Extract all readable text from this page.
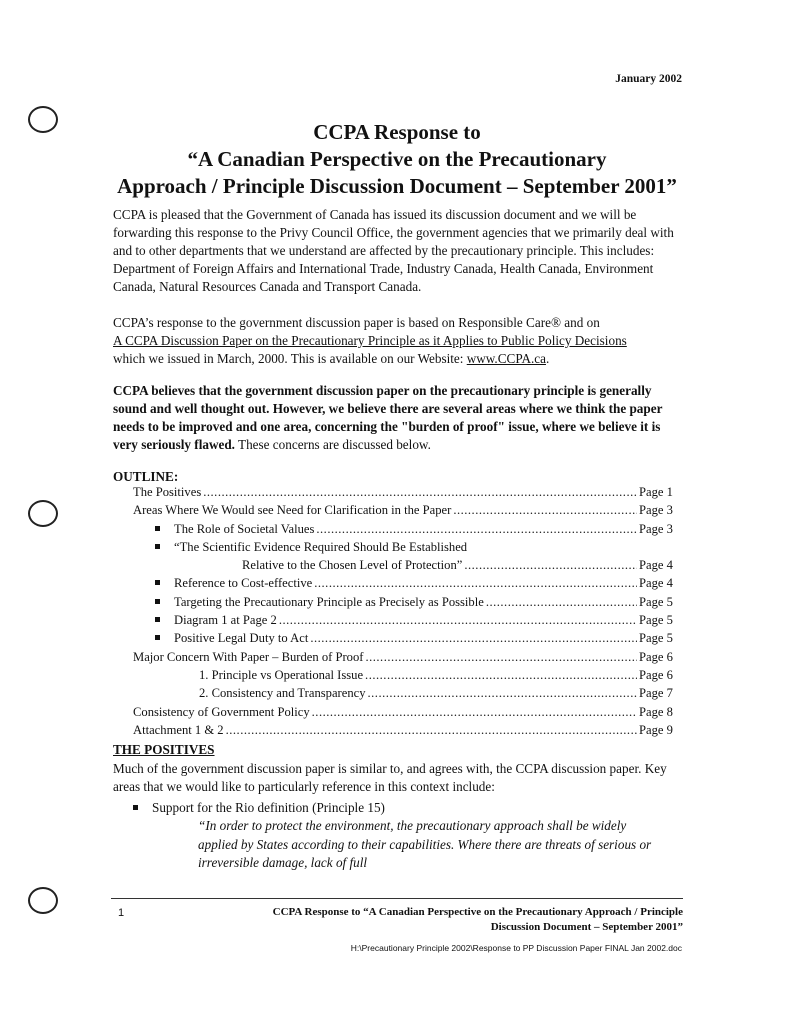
January 2002
CCPA Response to
“A Canadian Perspective on the Precautionary
Approach / Principle Discussion Document – September 2001”

CCPA is pleased that the Government of Canada has issued its discussion document and we will be forwarding this response to the Privy Council Office, the government agencies that we primarily deal with and to other departments that we understand are affected by the precautionary principle. This includes: Department of Foreign Affairs and International Trade, Industry Canada, Health Canada, Environment Canada, Natural Resources Canada and Transport Canada.

CCPA’s response to the government discussion paper is based on Responsible Care® and on
A CCPA Discussion Paper on the Precautionary Principle as it Applies to Public Policy Decisions
which we issued in March, 2000. This is available on our Website: www.CCPA.ca.

CCPA believes that the government discussion paper on the precautionary principle is generally sound and well thought out. However, we believe there are several areas where we think the paper needs to be improved and one area, concerning the "burden of proof" issue, where we believe it is very seriously flawed. These concerns are discussed below.

OUTLINE:
The Positives .....	Page 1
Areas Where We Would see Need for Clarification in the Paper .....	Page 3
The Role of Societal Values .....	Page 3
“The Scientific Evidence Required Should Be Established
Relative to the Chosen Level of Protection” .....	Page 4
Reference to Cost-effective .....	Page 4
Targeting the Precautionary Principle as Precisely as Possible .....	Page 5
Diagram 1 at Page 2 .....	Page 5
Positive Legal Duty to Act .....	Page 5
Major Concern With Paper – Burden of Proof .....	Page 6
1. Principle vs Operational Issue .....	Page 6
2. Consistency and Transparency .....	Page 7
Consistency of Government Policy .....	Page 8
Attachment 1 & 2 .....	Page 9
THE POSITIVES

Much of the government discussion paper is similar to, and agrees with, the CCPA discussion paper. Key areas that we would like to particularly reference in this context include:

Support for the Rio definition (Principle 15)
“In order to protect the environment, the precautionary approach shall be widely applied by States according to their capabilities. Where there are threats of serious or irreversible damage, lack of full
1	CCPA Response to “A Canadian Perspective on the Precautionary Approach / Principle
Discussion Document – September 2001”
H:\Precautionary Principle 2002\Response to PP Discussion Paper FINAL Jan 2002.doc
